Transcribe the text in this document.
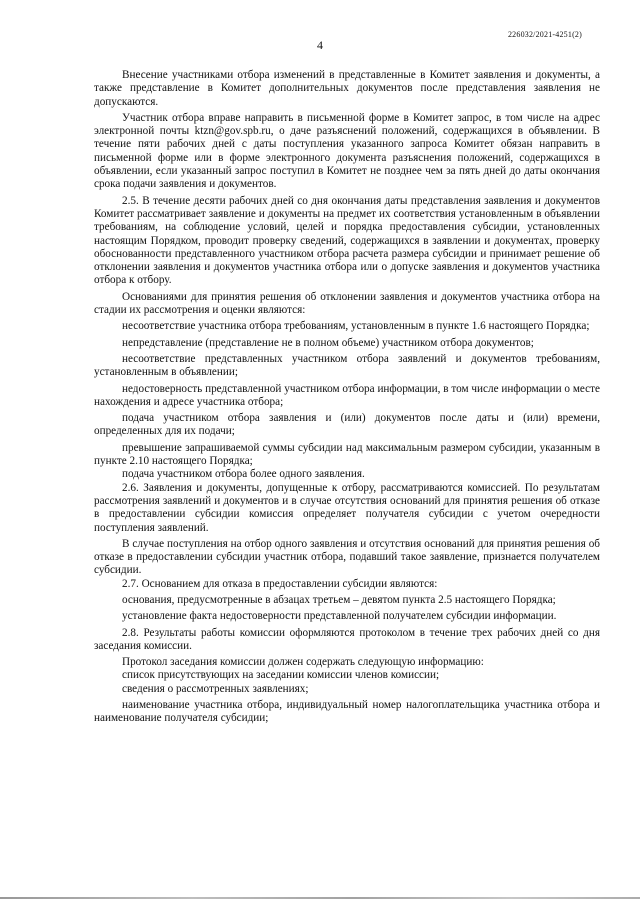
226032/2021-4251(2)
4

Внесение участниками отбора изменений в представленные в Комитет заявления и документы, а также представление в Комитет дополнительных документов после представления заявления не допускаются.

Участник отбора вправе направить в письменной форме в Комитет запрос, в том числе на адрес электронной почты ktzn@gov.spb.ru, о даче разъяснений положений, содержащихся в объявлении. В течение пяти рабочих дней с даты поступления указанного запроса Комитет обязан направить в письменной форме или в форме электронного документа разъяснения положений, содержащихся в объявлении, если указанный запрос поступил в Комитет не позднее чем за пять дней до даты окончания срока подачи заявления и документов.

2.5. В течение десяти рабочих дней со дня окончания даты представления заявления и документов Комитет рассматривает заявление и документы на предмет их соответствия установленным в объявлении требованиям, на соблюдение условий, целей и порядка предоставления субсидии, установленных настоящим Порядком, проводит проверку сведений, содержащихся в заявлении и документах, проверку обоснованности представленного участником отбора расчета размера субсидии и принимает решение об отклонении заявления и документов участника отбора или о допуске заявления и документов участника отбора к отбору.

Основаниями для принятия решения об отклонении заявления и документов участника отбора на стадии их рассмотрения и оценки являются:

несоответствие участника отбора требованиям, установленным в пункте 1.6 настоящего Порядка;

непредставление (представление не в полном объеме) участником отбора документов;

несоответствие представленных участником отбора заявлений и документов требованиям, установленным в объявлении;

недостоверность представленной участником отбора информации, в том числе информации о месте нахождения и адресе участника отбора;

подача участником отбора заявления и (или) документов после даты и (или) времени, определенных для их подачи;

превышение запрашиваемой суммы субсидии над максимальным размером субсидии, указанным в пункте 2.10 настоящего Порядка;

подача участником отбора более одного заявления.

2.6. Заявления и документы, допущенные к отбору, рассматриваются комиссией. По результатам рассмотрения заявлений и документов и в случае отсутствия оснований для принятия решения об отказе в предоставлении субсидии комиссия определяет получателя субсидии с учетом очередности поступления заявлений.

В случае поступления на отбор одного заявления и отсутствия оснований для принятия решения об отказе в предоставлении субсидии участник отбора, подавший такое заявление, признается получателем субсидии.

2.7. Основанием для отказа в предоставлении субсидии являются:

основания, предусмотренные в абзацах третьем – девятом пункта 2.5 настоящего Порядка;

установление факта недостоверности представленной получателем субсидии информации.

2.8. Результаты работы комиссии оформляются протоколом в течение трех рабочих дней со дня заседания комиссии.

Протокол заседания комиссии должен содержать следующую информацию:

список присутствующих на заседании комиссии членов комиссии;

сведения о рассмотренных заявлениях;

наименование участника отбора, индивидуальный номер налогоплательщика участника отбора и наименование получателя субсидии;
